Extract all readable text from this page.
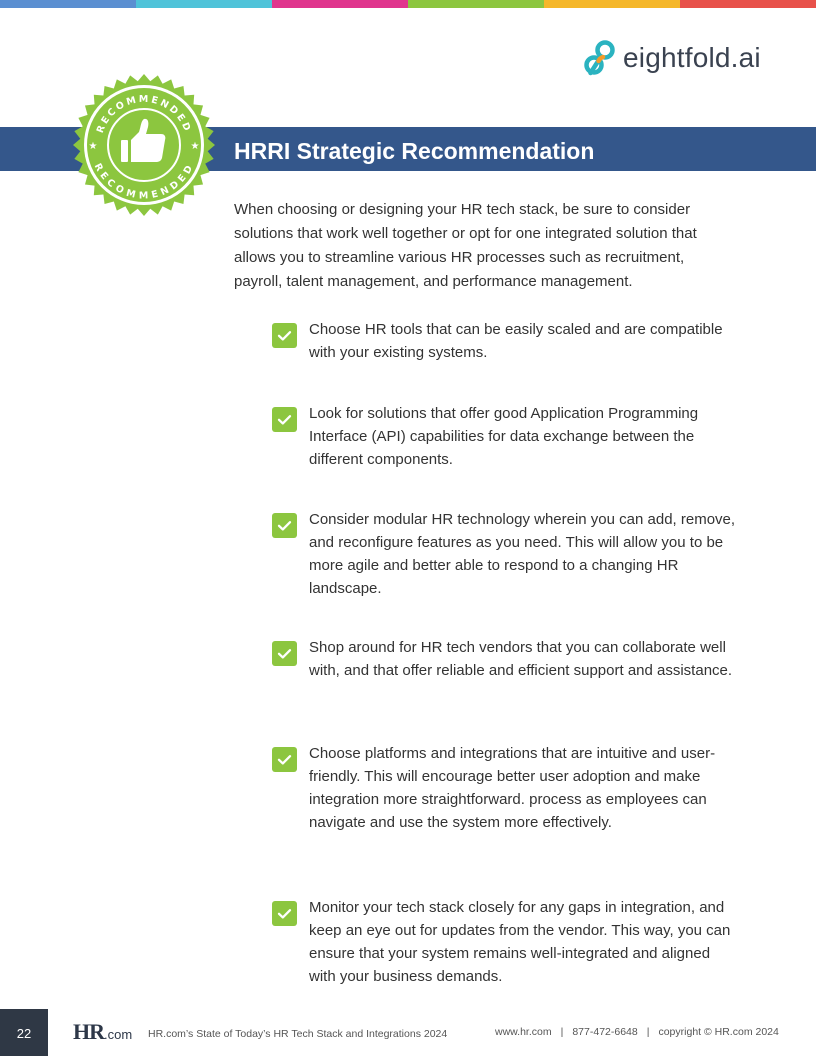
eightfold.ai
HRRI Strategic Recommendation
RECOMMENDED
RECOMMENDED
★	★

When choosing or designing your HR tech stack, be sure to consider solutions that work well together or opt for one integrated solution that allows you to streamline various HR processes such as recruitment, payroll, talent management, and performance management.

Choose HR tools that can be easily scaled and are compatible with your existing systems.
Look for solutions that offer good Application Programming Interface (API) capabilities for data exchange between the different components.
Consider modular HR technology wherein you can add, remove, and reconfigure features as you need. This will allow you to be more agile and better able to respond to a changing HR landscape.
Shop around for HR tech vendors that you can collaborate well with, and that offer reliable and efficient support and assistance.
Choose platforms and integrations that are intuitive and user-friendly. This will encourage better user adoption and make integration more straightforward. process as employees can navigate and use the system more effectively.
Monitor your tech stack closely for any gaps in integration, and keep an eye out for updates from the vendor. This way, you can ensure that your system remains well-integrated and aligned with your business demands.
22	HR.com HR.com’s State of Today’s HR Tech Stack and Integrations 2024	www.hr.com | 877-472-6648 | copyright © HR.com 2024
